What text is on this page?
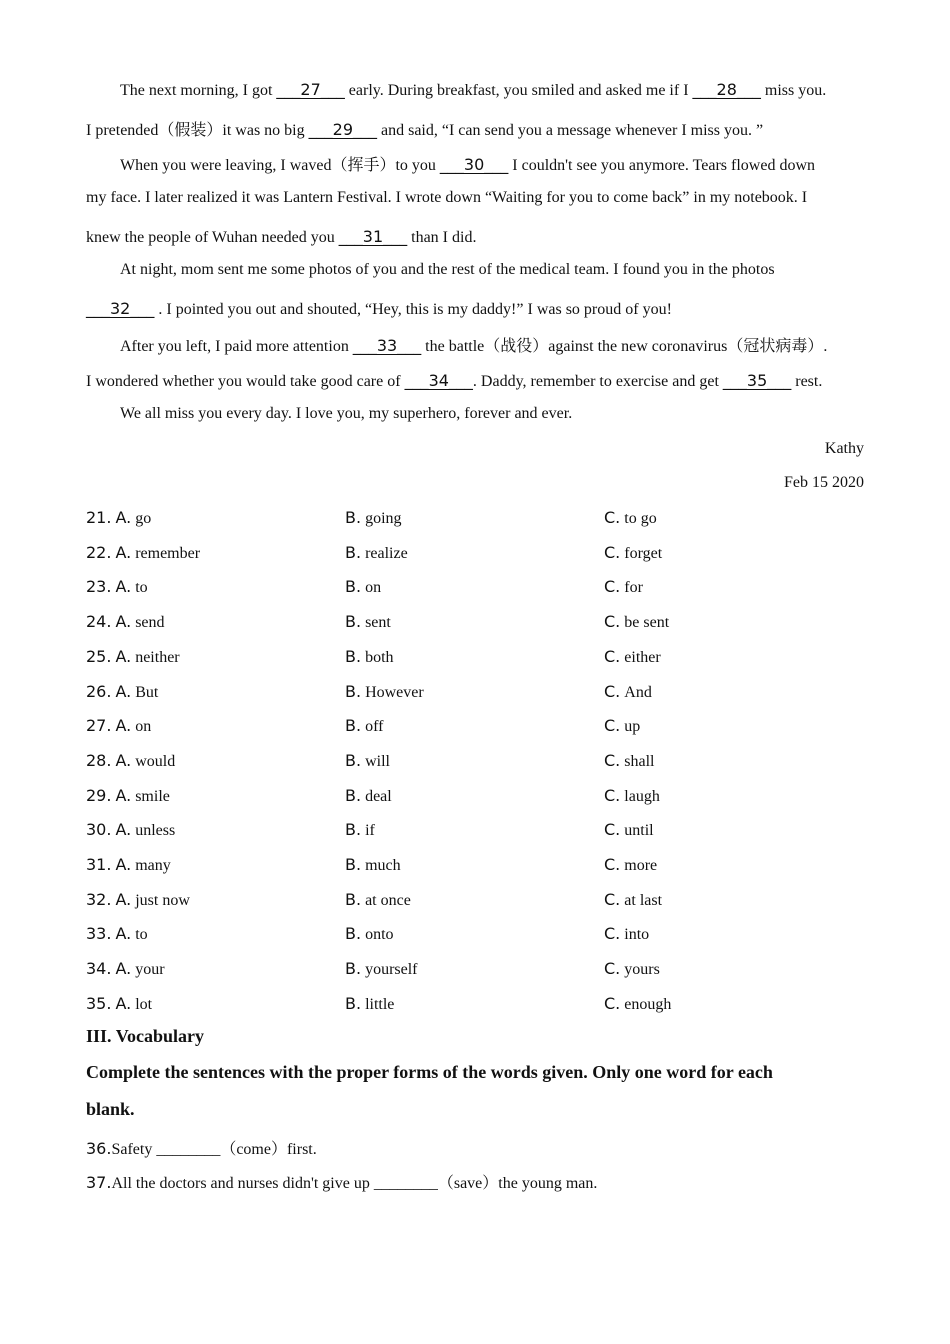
The next morning, I got ___27___ early. During breakfast, you smiled and asked me if I ___28___ miss you.
I pretended（假装）it was no big ___29___ and said, “I can send you a message whenever I miss you. ”
When you were leaving, I waved（挥手）to you ___30___ I couldn't see you anymore. Tears flowed down
my face. I later realized it was Lantern Festival. I wrote down “Waiting for you to come back” in my notebook. I
knew the people of Wuhan needed you ___31___ than I did.
At night, mom sent me some photos of you and the rest of the medical team. I found you in the photos
___32___ . I pointed you out and shouted, “Hey, this is my daddy!” I was so proud of you!
After you left, I paid more attention ___33___ the battle（战役）against the new coronavirus（冠状病毒）.
I wondered whether you would take good care of ___34___. Daddy, remember to exercise and get ___35___ rest.
We all miss you every day. I love you, my superhero, forever and ever.
Kathy
Feb 15 2020
21. A. go	B. going	C. to go
22. A. remember	B. realize	C. forget
23. A. to	B. on	C. for
24. A. send	B. sent	C. be sent
25. A. neither	B. both	C. either
26. A. But	B. However	C. And
27. A. on	B. off	C. up
28. A. would	B. will	C. shall
29. A. smile	B. deal	C. laugh
30. A. unless	B. if	C. until
31. A. many	B. much	C. more
32. A. just now	B. at once	C. at last
33. A. to	B. onto	C. into
34. A. your	B. yourself	C. yours
35. A. lot	B. little	C. enough
III. Vocabulary
Complete the sentences with the proper forms of the words given. Only one word for each
blank.
36.Safety ________（come）first.
37.All the doctors and nurses didn't give up ________（save）the young man.
